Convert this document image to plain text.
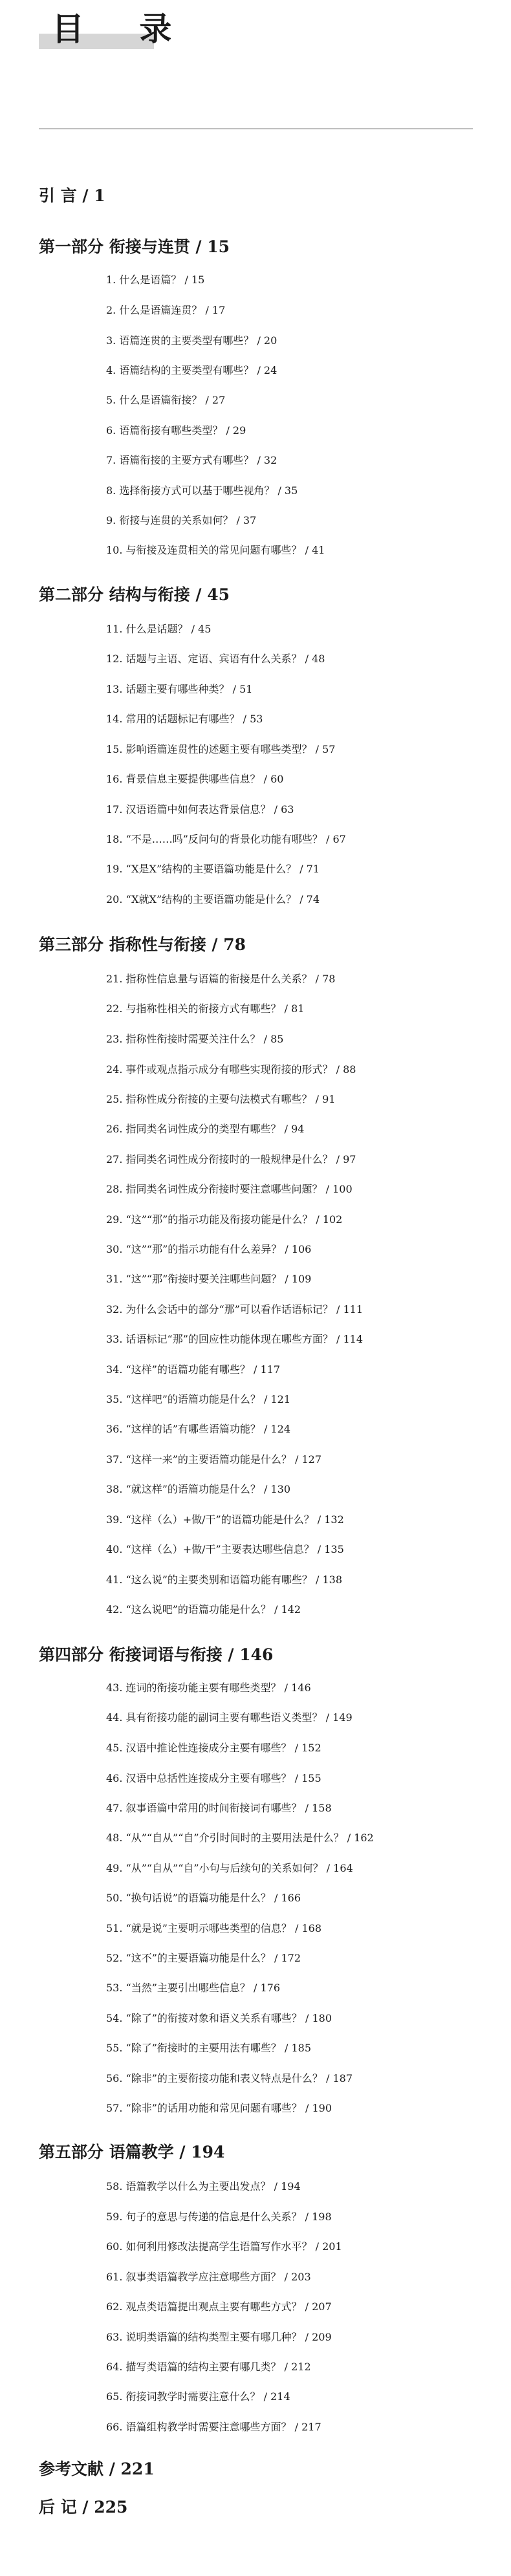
目 录
引 言 / 1
第一部分 衔接与连贯 / 15
1. 什么是语篇？ / 15
2. 什么是语篇连贯？ / 17
3. 语篇连贯的主要类型有哪些？ / 20
4. 语篇结构的主要类型有哪些？ / 24
5. 什么是语篇衔接？ / 27
6. 语篇衔接有哪些类型？ / 29
7. 语篇衔接的主要方式有哪些？ / 32
8. 选择衔接方式可以基于哪些视角？ / 35
9. 衔接与连贯的关系如何？ / 37
10. 与衔接及连贯相关的常见问题有哪些？ / 41
第二部分 结构与衔接 / 45
11. 什么是话题？ / 45
12. 话题与主语、定语、宾语有什么关系？ / 48
13. 话题主要有哪些种类？ / 51
14. 常用的话题标记有哪些？ / 53
15. 影响语篇连贯性的述题主要有哪些类型？ / 57
16. 背景信息主要提供哪些信息？ / 60
17. 汉语语篇中如何表达背景信息？ / 63
18. “不是……吗”反问句的背景化功能有哪些？ / 67
19. “X是X”结构的主要语篇功能是什么？ / 71
20. “X就X”结构的主要语篇功能是什么？ / 74
第三部分 指称性与衔接 / 78
21. 指称性信息量与语篇的衔接是什么关系？ / 78
22. 与指称性相关的衔接方式有哪些？ / 81
23. 指称性衔接时需要关注什么？ / 85
24. 事件或观点指示成分有哪些实现衔接的形式？ / 88
25. 指称性成分衔接的主要句法模式有哪些？ / 91
26. 指同类名词性成分的类型有哪些？ / 94
27. 指同类名词性成分衔接时的一般规律是什么？ / 97
28. 指同类名词性成分衔接时要注意哪些问题？ / 100
29. “这”“那”的指示功能及衔接功能是什么？ / 102
30. “这”“那”的指示功能有什么差异？ / 106
31. “这”“那”衔接时要关注哪些问题？ / 109
32. 为什么会话中的部分“那”可以看作话语标记？ / 111
33. 话语标记“那”的回应性功能体现在哪些方面？ / 114
34. “这样”的语篇功能有哪些？ / 117
35. “这样吧”的语篇功能是什么？ / 121
36. “这样的话”有哪些语篇功能？ / 124
37. “这样一来”的主要语篇功能是什么？ / 127
38. “就这样”的语篇功能是什么？ / 130
39. “这样（么）+做/干”的语篇功能是什么？ / 132
40. “这样（么）+做/干”主要表达哪些信息？ / 135
41. “这么说”的主要类别和语篇功能有哪些？ / 138
42. “这么说吧”的语篇功能是什么？ / 142
第四部分 衔接词语与衔接 / 146
43. 连词的衔接功能主要有哪些类型？ / 146
44. 具有衔接功能的副词主要有哪些语义类型？ / 149
45. 汉语中推论性连接成分主要有哪些？ / 152
46. 汉语中总括性连接成分主要有哪些？ / 155
47. 叙事语篇中常用的时间衔接词有哪些？ / 158
48. “从”“自从”“自”介引时间时的主要用法是什么？ / 162
49. “从”“自从”“自”小句与后续句的关系如何？ / 164
50. “换句话说”的语篇功能是什么？ / 166
51. “就是说”主要明示哪些类型的信息？ / 168
52. “这不”的主要语篇功能是什么？ / 172
53. “当然”主要引出哪些信息？ / 176
54. “除了”的衔接对象和语义关系有哪些？ / 180
55. “除了”衔接时的主要用法有哪些？ / 185
56. “除非”的主要衔接功能和表义特点是什么？ / 187
57. “除非”的话用功能和常见问题有哪些？ / 190
第五部分 语篇教学 / 194
58. 语篇教学以什么为主要出发点？ / 194
59. 句子的意思与传递的信息是什么关系？ / 198
60. 如何利用修改法提高学生语篇写作水平？ / 201
61. 叙事类语篇教学应注意哪些方面？ / 203
62. 观点类语篇提出观点主要有哪些方式？ / 207
63. 说明类语篇的结构类型主要有哪几种？ / 209
64. 描写类语篇的结构主要有哪几类？ / 212
65. 衔接词教学时需要注意什么？ / 214
66. 语篇组构教学时需要注意哪些方面？ / 217
参考文献 / 221
后 记 / 225
